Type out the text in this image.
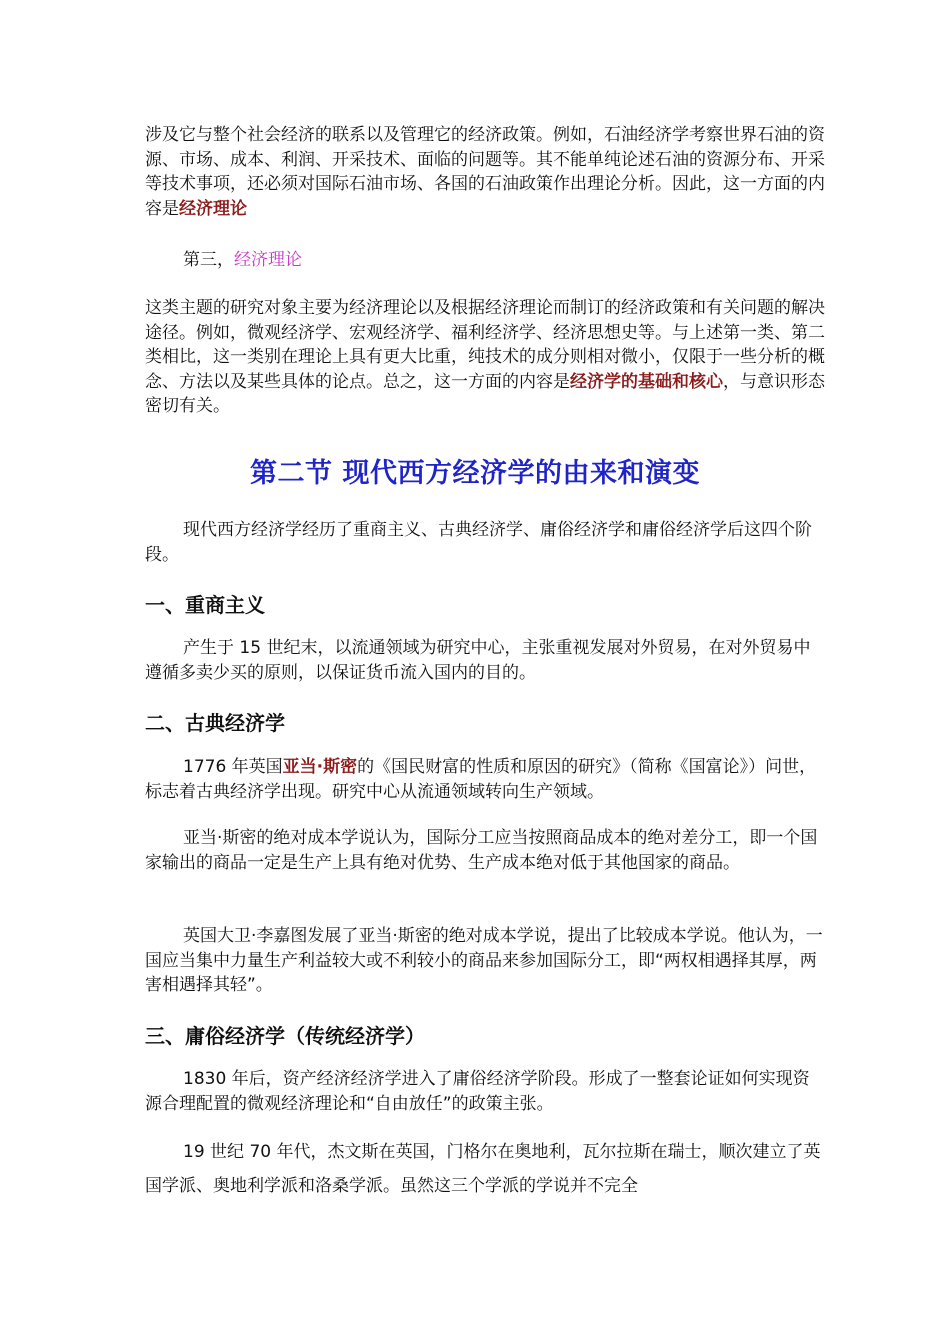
涉及它与整个社会经济的联系以及管理它的经济政策。例如，石油经济学考察世界石油的资源、市场、成本、利润、开采技术、面临的问题等。其不能单纯论述石油的资源分布、开采等技术事项，还必须对国际石油市场、各国的石油政策作出理论分析。因此，这一方面的内容是经济理论

第三，经济理论

这类主题的研究对象主要为经济理论以及根据经济理论而制订的经济政策和有关问题的解决途径。例如，微观经济学、宏观经济学、福利经济学、经济思想史等。与上述第一类、第二类相比，这一类别在理论上具有更大比重，纯技术的成分则相对微小，仅限于一些分析的概念、方法以及某些具体的论点。总之，这一方面的内容是经济学的基础和核心，与意识形态密切有关。

第二节 现代西方经济学的由来和演变

现代西方经济学经历了重商主义、古典经济学、庸俗经济学和庸俗经济学后这四个阶段。

一、重商主义

产生于 15 世纪末，以流通领域为研究中心，主张重视发展对外贸易，在对外贸易中遵循多卖少买的原则，以保证货币流入国内的目的。

二、古典经济学

1776 年英国亚当·斯密的《国民财富的性质和原因的研究》（简称《国富论》）问世，标志着古典经济学出现。研究中心从流通领域转向生产领域。

亚当·斯密的绝对成本学说认为，国际分工应当按照商品成本的绝对差分工，即一个国家输出的商品一定是生产上具有绝对优势、生产成本绝对低于其他国家的商品。

英国大卫·李嘉图发展了亚当·斯密的绝对成本学说，提出了比较成本学说。他认为，一国应当集中力量生产利益较大或不利较小的商品来参加国际分工，即“两权相遇择其厚，两害相遇择其轻”。

三、庸俗经济学（传统经济学）

1830 年后，资产经济经济学进入了庸俗经济学阶段。形成了一整套论证如何实现资源合理配置的微观经济理论和“自由放任”的政策主张。

19 世纪 70 年代，杰文斯在英国，门格尔在奥地利，瓦尔拉斯在瑞士，顺次建立了英国学派、奥地利学派和洛桑学派。虽然这三个学派的学说并不完全
